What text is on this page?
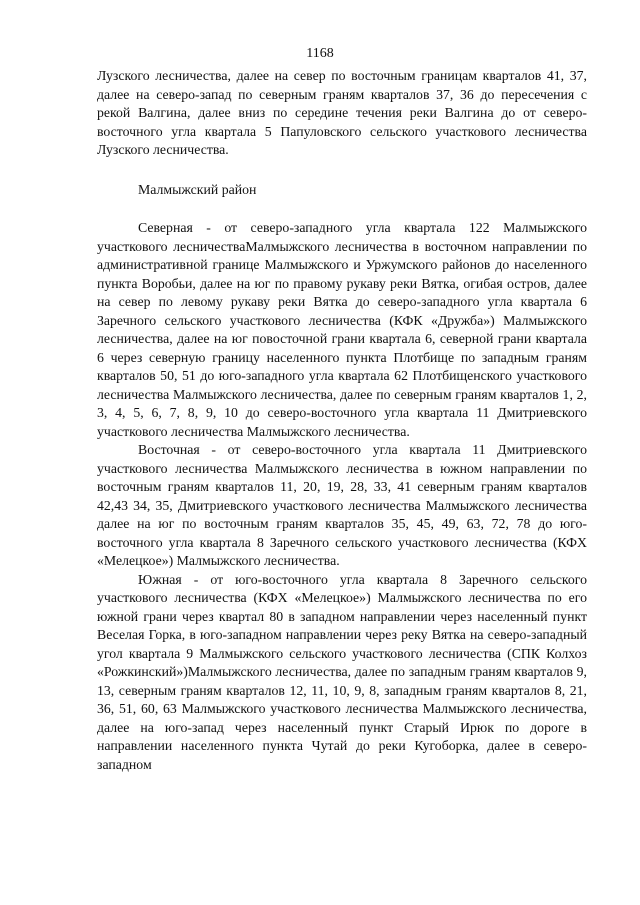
1168

Лузского лесничества, далее на север по восточным границам кварталов 41, 37, далее на северо-запад по северным граням кварталов 37, 36 до пересечения с рекой Валгина, далее вниз по середине течения реки Валгина до от северо-восточного угла квартала 5 Папуловского сельского участкового лесничества Лузского лесничества.

Малмыжский район

Северная - от северо-западного угла квартала 122 Малмыжского участкового лесничестваМалмыжского лесничества в восточном направлении по административной границе Малмыжского и Уржумского районов до населенного пункта Воробьи, далее на юг по правому рукаву реки Вятка, огибая остров, далее на север по левому рукаву реки Вятка до северо-западного угла квартала 6 Заречного сельского участкового лесничества (КФК «Дружба») Малмыжского лесничества, далее на юг повосточной грани квартала 6, северной грани квартала 6 через северную границу населенного пункта Плотбище по западным граням кварталов 50, 51 до юго-западного угла квартала 62 Плотбищенского участкового лесничества Малмыжского лесничества, далее по северным граням кварталов 1, 2, 3, 4, 5, 6, 7, 8, 9, 10 до северо-восточного угла квартала 11 Дмитриевского участкового лесничества Малмыжского лесничества.

Восточная - от северо-восточного угла квартала 11 Дмитриевского участкового лесничества Малмыжского лесничества в южном направлении по восточным граням кварталов 11, 20, 19, 28, 33, 41 северным граням кварталов 42,43 34, 35, Дмитриевского участкового лесничества Малмыжского лесничества далее на юг по восточным граням кварталов 35, 45, 49, 63, 72, 78 до юго-восточного угла квартала 8 Заречного сельского участкового лесничества (КФХ «Мелецкое») Малмыжского лесничества.

Южная - от юго-восточного угла квартала 8 Заречного сельского участкового лесничества (КФХ «Мелецкое») Малмыжского лесничества по его южной грани через квартал 80 в западном направлении через населенный пункт Веселая Горка, в юго-западном направлении через реку Вятка на северо-западный угол квартала 9 Малмыжского сельского участкового лесничества (СПК Колхоз «Рожкинский»)Малмыжского лесничества, далее по западным граням кварталов 9, 13, северным граням кварталов 12, 11, 10, 9, 8, западным граням кварталов 8, 21, 36, 51, 60, 63 Малмыжского участкового лесничества Малмыжского лесничества, далее на юго-запад через населенный пункт Старый Ирюк по дороге в направлении населенного пункта Чутай до реки Кугоборка, далее в северо-западном
